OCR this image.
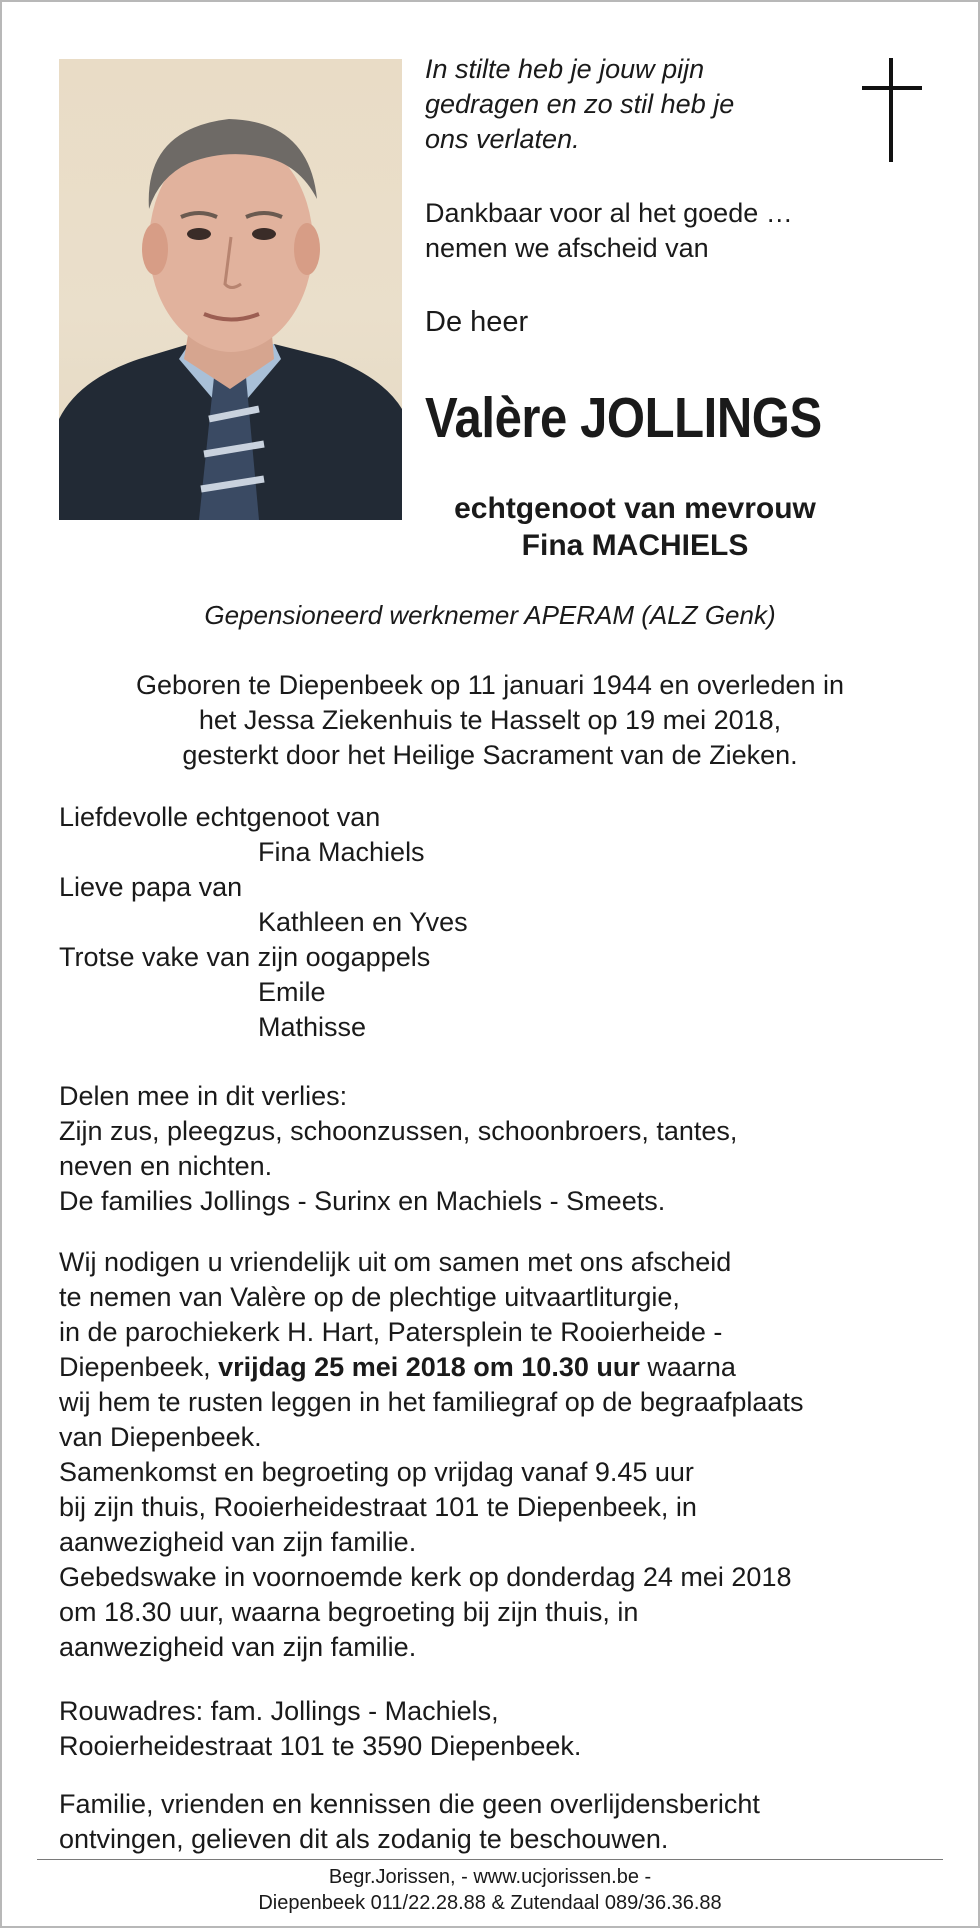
In stilte heb je jouw pijn
gedragen en zo stil heb je
ons verlaten.
Dankbaar voor al het goede …
nemen we afscheid van
De heer
Valère JOLLINGS
echtgenoot van mevrouw
Fina MACHIELS
Gepensioneerd werknemer APERAM (ALZ Genk)
Geboren te Diepenbeek op 11 januari 1944 en overleden in
het Jessa Ziekenhuis te Hasselt op 19 mei 2018,
gesterkt door het Heilige Sacrament van de Zieken.
Liefdevolle echtgenoot van
Fina Machiels
Lieve papa van
Kathleen en Yves
Trotse vake van zijn oogappels
Emile
Mathisse
Delen mee in dit verlies:
Zijn zus, pleegzus, schoonzussen, schoonbroers, tantes,
neven en nichten.
De families Jollings - Surinx en Machiels - Smeets.
Wij nodigen u vriendelijk uit om samen met ons afscheid
te nemen van Valère op de plechtige uitvaartliturgie,
in de parochiekerk H. Hart, Patersplein te Rooierheide -
Diepenbeek, vrijdag 25 mei 2018 om 10.30 uur waarna
wij hem te rusten leggen in het familiegraf op de begraafplaats
van Diepenbeek.
Samenkomst en begroeting op vrijdag vanaf 9.45 uur
bij zijn thuis, Rooierheidestraat 101 te Diepenbeek, in
aanwezigheid van zijn familie.
Gebedswake in voornoemde kerk op donderdag 24 mei 2018
om 18.30 uur, waarna begroeting bij zijn thuis, in
aanwezigheid van zijn familie.
Rouwadres: fam. Jollings - Machiels,
Rooierheidestraat 101 te 3590 Diepenbeek.
Familie, vrienden en kennissen die geen overlijdensbericht
ontvingen, gelieven dit als zodanig te beschouwen.
Begr.Jorissen, - www.ucjorissen.be -
Diepenbeek 011/22.28.88 & Zutendaal 089/36.36.88
